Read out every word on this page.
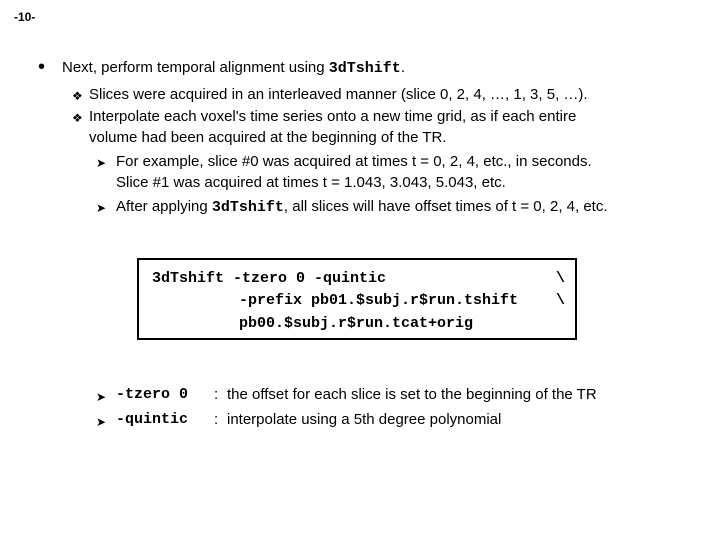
-10-
• Next, perform temporal alignment using 3dTshift.
❖ Slices were acquired in an interleaved manner (slice 0, 2, 4, …, 1, 3, 5, …).
❖ Interpolate each voxel's time series onto a new time grid, as if each entire
volume had been acquired at the beginning of the TR.
➤ For example, slice #0 was acquired at times t = 0, 2, 4, etc., in seconds.
Slice #1 was acquired at times t = 1.043, 3.043, 5.043, etc.
➤ After applying 3dTshift, all slices will have offset times of t = 0, 2, 4, etc.
3dTshift -tzero 0 -quintic
-prefix pb01.$subj.r$run.tshift
pb00.$subj.r$run.tcat+orig
\
\
➤ -tzero 0 : the offset for each slice is set to the beginning of the TR
➤ -quintic : interpolate using a 5th degree polynomial
